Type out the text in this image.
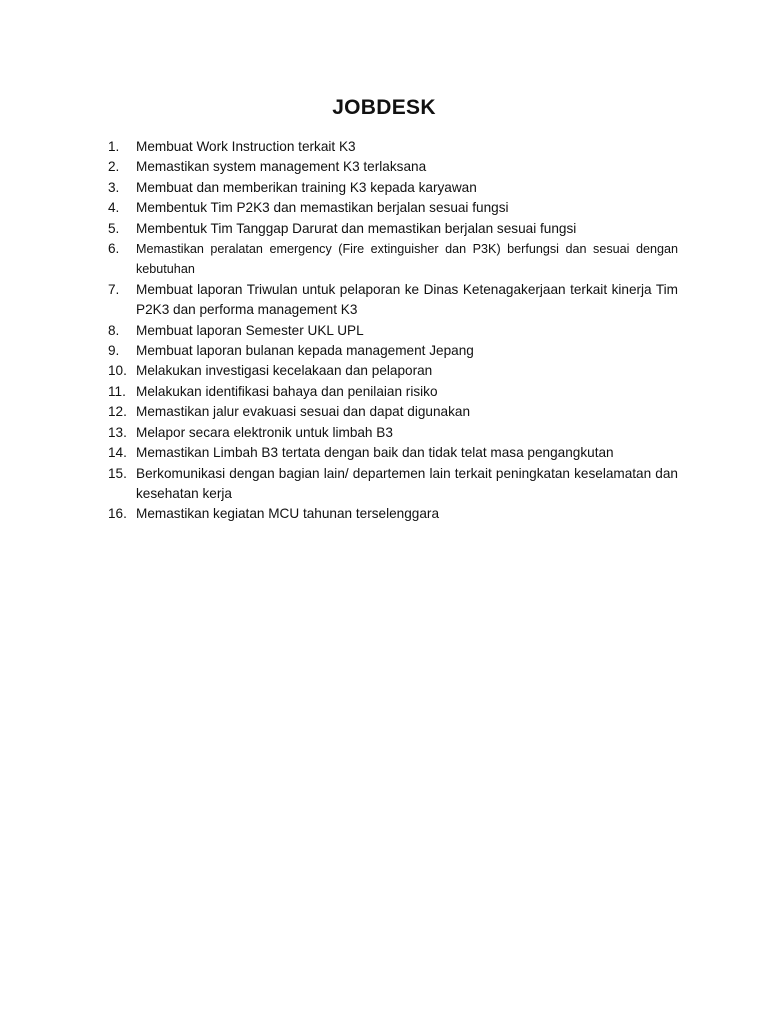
JOBDESK
1.	Membuat Work Instruction terkait K3
2.	Memastikan system management K3 terlaksana
3.	Membuat dan memberikan training K3 kepada karyawan
4.	Membentuk Tim P2K3 dan memastikan berjalan sesuai fungsi
5.	Membentuk Tim Tanggap Darurat dan memastikan berjalan sesuai fungsi
6.	Memastikan peralatan emergency (Fire extinguisher dan P3K) berfungsi dan sesuai dengan kebutuhan
7.	Membuat laporan Triwulan untuk pelaporan ke Dinas Ketenagakerjaan terkait kinerja Tim P2K3 dan performa management K3
8.	Membuat laporan Semester UKL UPL
9.	Membuat laporan bulanan kepada management Jepang
10. Melakukan investigasi kecelakaan dan pelaporan
11. Melakukan identifikasi bahaya dan penilaian risiko
12. Memastikan jalur evakuasi sesuai dan dapat digunakan
13. Melapor secara elektronik untuk limbah B3
14. Memastikan Limbah B3 tertata dengan baik dan tidak telat masa pengangkutan
15. Berkomunikasi dengan bagian lain/ departemen lain terkait peningkatan keselamatan dan kesehatan kerja
16. Memastikan kegiatan MCU tahunan terselenggara
